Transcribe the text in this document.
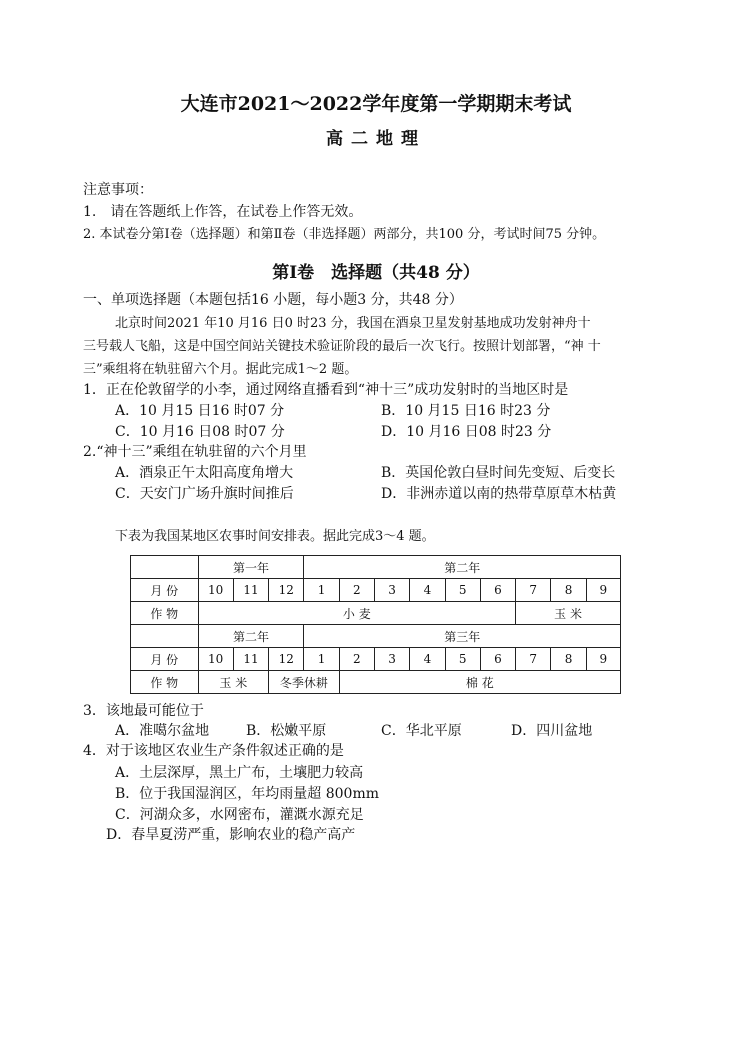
大连市2021～2022学年度第一学期期末考试
高二地理
注意事项：
1.　请在答题纸上作答，在试卷上作答无效。
2. 本试卷分第Ⅰ卷（选择题）和第Ⅱ卷（非选择题）两部分，共100 分，考试时间75 分钟。
第Ⅰ卷　选择题（共48 分）
一、单项选择题（本题包括16 小题，每小题3 分，共48 分）
北京时间2021 年10 月16 日0 时23 分，我国在酒泉卫星发射基地成功发射神舟十
三号载人飞船，这是中国空间站关键技术验证阶段的最后一次飞行。按照计划部署，“神 十
三”乘组将在轨驻留六个月。据此完成1～2 题。
1．正在伦敦留学的小李，通过网络直播看到“神十三”成功发射时的当地区时是
A．10 月15 日16 时07 分	B．10 月15 日16 时23 分
C．10 月16 日08 时07 分	D．10 月16 日08 时23 分
2.“神十三”乘组在轨驻留的六个月里
A．酒泉正午太阳高度角增大	B．英国伦敦白昼时间先变短、后变长
C．天安门广场升旗时间推后	D．非洲赤道以南的热带草原草木枯黄
下表为我国某地区农事时间安排表。据此完成3～4 题。
	第一年			第二年								
月 份	10	11	12	1	2	3	4	5	6	7	8	9
作 物	小 麦									玉 米		
	第二年			第三年								
月 份	10	11	12	1	2	3	4	5	6	7	8	9
作 物	玉 米		冬季休耕		棉 花							
3．该地最可能位于
A．准噶尔盆地	B．松嫩平原	C．华北平原	D．四川盆地
4．对于该地区农业生产条件叙述正确的是
A．土层深厚，黑土广布，土壤肥力较高
B．位于我国湿润区，年均雨量超 800mm
C．河湖众多，水网密布，灌溉水源充足
D．春旱夏涝严重，影响农业的稳产高产
